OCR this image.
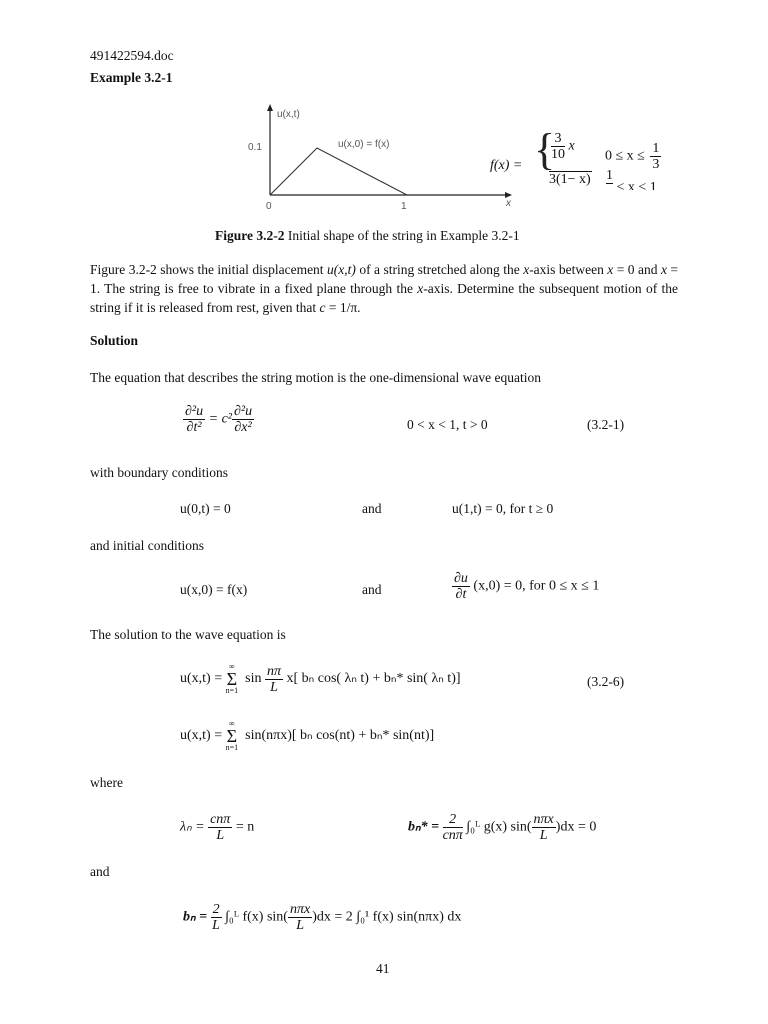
491422594.doc
Example 3.2-1
u(x,t)
0.1	u(x,0) = f(x)
0	1	x
f(x) = {
$\frac{3}{10}$ x
$0 \le x \le \frac{1}{3}$
3(1− x) 1
< x < 1
Figure 3.2-2 Initial shape of the string in Example 3.2-1
Figure 3.2-2 shows the initial displacement u(x,t) of a string stretched along the x-axis between x = 0 and x = 1. The string is free to vibrate in a fixed plane through the x-axis. Determine the subsequent motion of the string if it is released from rest, given that c = 1/π.
Solution
The equation that describes the string motion is the one-dimensional wave equation
$\frac{\text{∂²u}}{\text{∂t²}} = c^2 \frac{\text{∂²u}}{\text{∂x²}}$	0 < x < 1, t > 0	(3.2-1)
with boundary conditions
u(0,t) = 0	and	u(1,t) = 0, for t ≥ 0
and initial conditions
u(x,0) = f(x)	and	$\frac{\partial u}{\partial t} (x,0) = 0$, for 0 ≤ x ≤ 1
The solution to the wave equation is
u(x,t) =
∞
Σ
n=1
$\sin \frac{n\pi}{L} x$[ bₙ cos( λₙ t) + bₙ* sin( λₙ t)]	(3.2-6)
u(x,t) =
∞
Σ
n=1
sin(nπx)[ bₙ cos(nt) + bₙ* sin(nt)]
where
$\lambda_n = \frac{\text{cnπ}}{L} = n$	$b_n* = \frac{2}{\text{cnπ}}$ ∫₀ᴸ g(x) $\sin( \frac{\text{nπx}}{L} )dx = 0$
and
$b_n = \frac{2}{L}$ ∫₀ᴸ f(x) $\sin( \frac{\text{nπx}}{L} )dx = 2$ ∫₀¹ f(x) sin(nπx) dx
41
